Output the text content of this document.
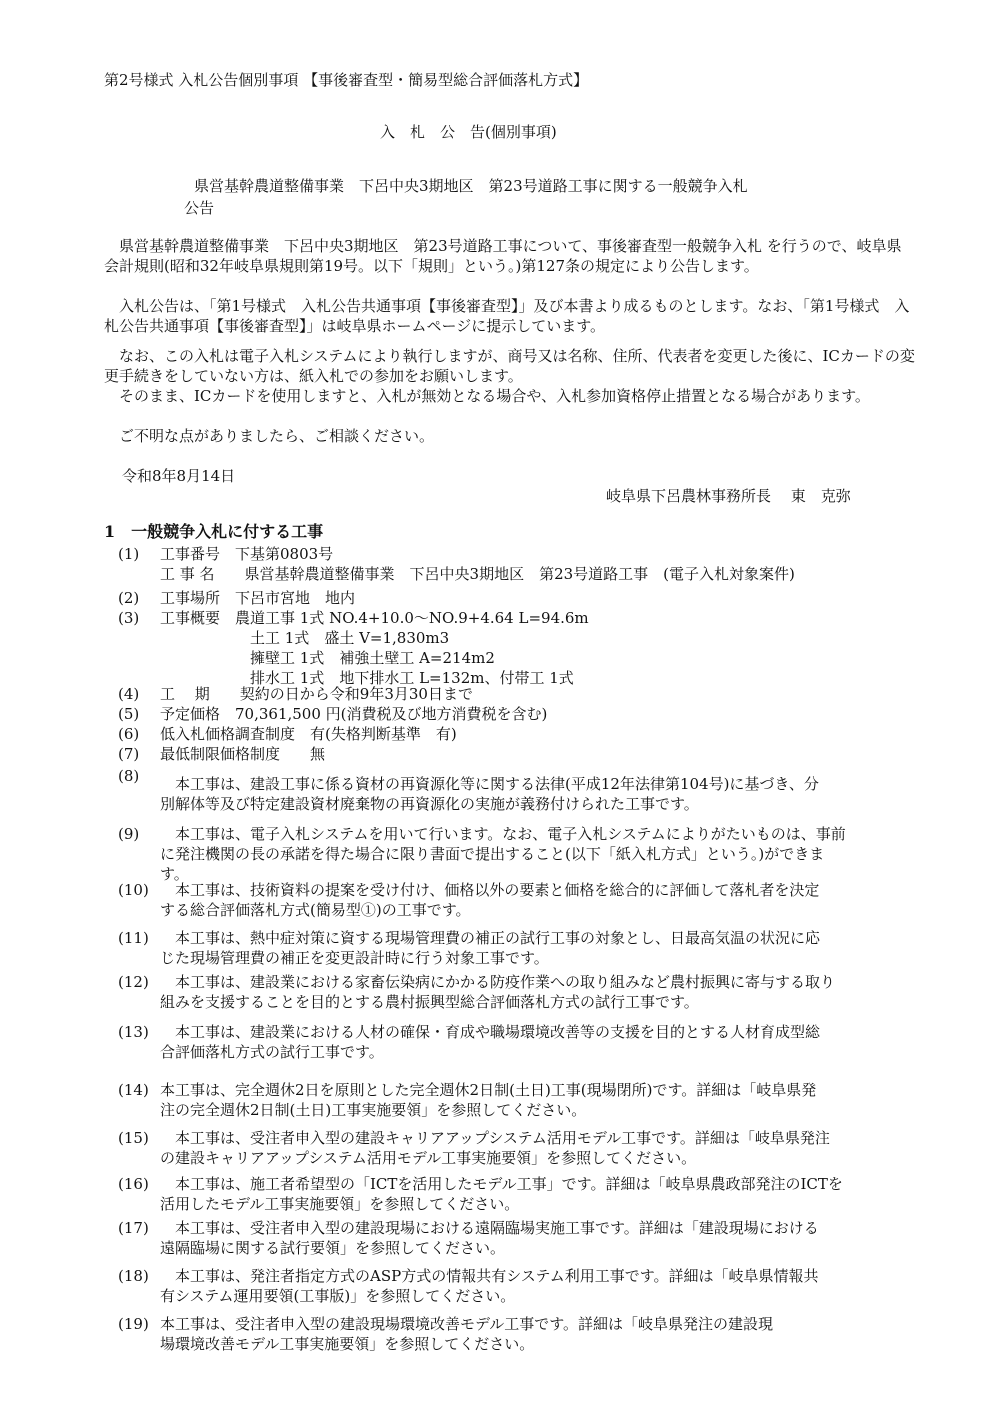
第2号様式 入札公告個別事項 【事後審査型・簡易型総合評価落札方式】
入　札　公　告(個別事項)
県営基幹農道整備事業　下呂中央3期地区　第23号道路工事に関する一般競争入札
公告
　県営基幹農道整備事業　下呂中央3期地区　第23号道路工事について、事後審査型一般競争入札 を行うので、岐阜県会計規則(昭和32年岐阜県規則第19号。以下「規則」という。)第127条の規定により公告します。
　入札公告は、「第1号様式　入札公告共通事項【事後審査型】」及び本書より成るものとします。なお、「第1号様式　入札公告共通事項【事後審査型】」は岐阜県ホームページに提示しています。
　なお、この入札は電子入札システムにより執行しますが、商号又は名称、住所、代表者を変更した後に、ICカードの変更手続きをしていない方は、紙入札での参加をお願いします。
　そのまま、ICカードを使用しますと、入札が無効となる場合や、入札参加資格停止措置となる場合があります。
　ご不明な点がありましたら、ご相談ください。
令和8年8月14日
岐阜県下呂農林事務所長　 東　克弥
1　一般競争入札に付する工事
(1)	工事番号　下基第0803号
工 事 名　　県営基幹農道整備事業　下呂中央3期地区　第23号道路工事　(電子入札対象案件)
(2)	工事場所　下呂市宮地　地内
(3)	工事概要　農道工事 1式 NO.4+10.0〜NO.9+4.64 L=94.6m
　　　　　　土工 1式　盛土 V=1,830m3
　　　　　　擁壁工 1式　補強土壁工 A=214m2
　　　　　　排水工 1式　地下排水工 L=132m、付帯工 1式
(4)	工　 期　　契約の日から令和9年3月30日まで
(5)	予定価格　70,361,500 円(消費税及び地方消費税を含む)
(6)	低入札価格調査制度　有(失格判断基準　有)
(7)	最低制限価格制度　　無
(8)	　本工事は、建設工事に係る資材の再資源化等に関する法律(平成12年法律第104号)に基づき、分
別解体等及び特定建設資材廃棄物の再資源化の実施が義務付けられた工事です。
(9)	　本工事は、電子入札システムを用いて行います。なお、電子入札システムによりがたいものは、事前
に発注機関の長の承諾を得た場合に限り書面で提出すること(以下「紙入札方式」という。)ができま
す。
(10) 　本工事は、技術資料の提案を受け付け、価格以外の要素と価格を総合的に評価して落札者を決定
する総合評価落札方式(簡易型①)の工事です。
(11) 　本工事は、熱中症対策に資する現場管理費の補正の試行工事の対象とし、日最高気温の状況に応
じた現場管理費の補正を変更設計時に行う対象工事です。
(12) 　本工事は、建設業における家畜伝染病にかかる防疫作業への取り組みなど農村振興に寄与する取り
組みを支援することを目的とする農村振興型総合評価落札方式の試行工事です。
(13) 　本工事は、建設業における人材の確保・育成や職場環境改善等の支援を目的とする人材育成型総
合評価落札方式の試行工事です。
(14) 本工事は、完全週休2日を原則とした完全週休2日制(土日)工事(現場閉所)です。詳細は「岐阜県発
注の完全週休2日制(土日)工事実施要領」を参照してください。
(15) 　本工事は、受注者申入型の建設キャリアアップシステム活用モデル工事です。詳細は「岐阜県発注
の建設キャリアアップシステム活用モデル工事実施要領」を参照してください。
(16) 　本工事は、施工者希望型の「ICTを活用したモデル工事」です。詳細は「岐阜県農政部発注のICTを
活用したモデル工事実施要領」を参照してください。
(17) 　本工事は、受注者申入型の建設現場における遠隔臨場実施工事です。詳細は「建設現場における
遠隔臨場に関する試行要領」を参照してください。
(18) 　本工事は、発注者指定方式のASP方式の情報共有システム利用工事です。詳細は「岐阜県情報共
有システム運用要領(工事版)」を参照してください。
(19) 本工事は、受注者申入型の建設現場環境改善モデル工事です。詳細は「岐阜県発注の建設現
場環境改善モデル工事実施要領」を参照してください。
